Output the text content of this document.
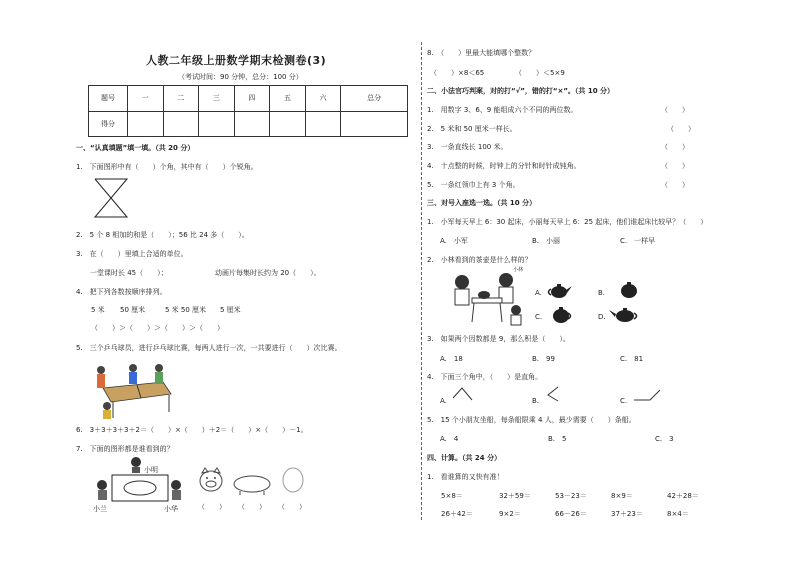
人教二年级上册数学期末检测卷(3)
（考试时间：90 分钟，总分：100 分）
题号	一	二	三	四	五	六	总分
得分							
一、“认真填题”填一填。（共 20 分）
1.　下面图形中有（　　）个角，其中有（　　）个锐角。
2.　5 个 8 相加的和是（　　）；56 比 24 多（　　）。
3.　在（　　）里填上合适的单位。
一堂课时长 45（　　）；	动画片每集时长约为 20（　　）。
4.　把下列各数按顺序排列。
5 米 50 厘米	5 米 50 厘米 5 厘米
（　　）＞（　　）＞（　　）＞（　　）
5.　三个乒乓球员，进行乒乓球比赛，每两人进行一次，一共要进行（　　）次比赛。
6.　3＋3＋3＋3＋2＝（　　）×（　　）＋2＝（　　）×（　　）－1。
7.　下面的图形都是谁看到的？
小明
小兰	小华	（　　） （　　） （　　）
8.　（　　）里最大能填哪个整数？
（　　）×8＜65	（　　）＜5×9
二、小法官巧判案，对的打“√”，错的打“×”。（共 10 分）
1.　用数字 3、6、9 能组成六个不同的两位数。	（　　）
2.　5 米和 50 厘米一样长。	（　　）
3.　一条直线长 100 米。	（　　）
4.　十点整的时候，时钟上的分针和时针成钝角。	（　　）
5.　一条红领巾上有 3 个角。	（　　）
三、对号入座选一选。（共 10 分）
1.　小军每天早上 6：30 起床，小丽每天早上 6：25 起床，他们谁起床比较早？（　　）
A.　小军	B.　小丽	C.　一样早
2.　小林看到的茶壶是什么样的？
小林
A.	B.
C.	D.
3.　如果两个因数都是 9，那么积是（　　）。
A.　18	B.　99	C.　81
4.　下面三个角中，（　　）是直角。
A.	B.	C.
5.　15 个小朋友坐船，每条船限乘 4 人，最少需要（　　）条船。
A.　4	B.　5	C.　3
四、计算。（共 24 分）
1.　看谁算的又快有准！
5×8＝	32＋59＝	53－23＝	8×9＝	42＋28＝
26＋42＝	9×2＝	66－26＝	37＋23＝	8×4＝
